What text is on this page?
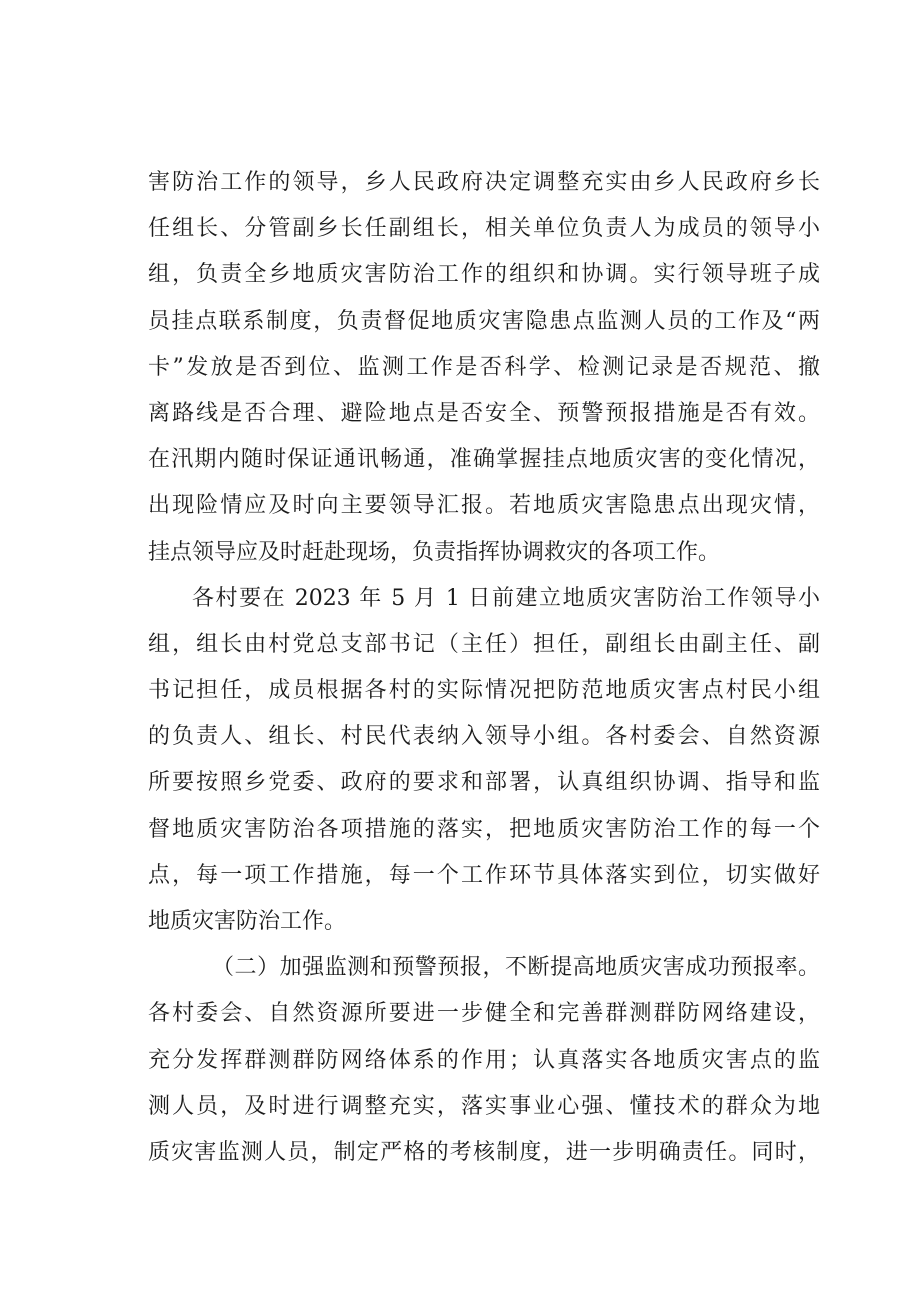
害防治工作的领导，乡人民政府决定调整充实由乡人民政府乡长
任组长、分管副乡长任副组长，相关单位负责人为成员的领导小
组，负责全乡地质灾害防治工作的组织和协调。实行领导班子成
员挂点联系制度，负责督促地质灾害隐患点监测人员的工作及“两
卡”发放是否到位、监测工作是否科学、检测记录是否规范、撤
离路线是否合理、避险地点是否安全、预警预报措施是否有效。
在汛期内随时保证通讯畅通，准确掌握挂点地质灾害的变化情况，
出现险情应及时向主要领导汇报。若地质灾害隐患点出现灾情，
挂点领导应及时赶赴现场，负责指挥协调救灾的各项工作。
各村要在 2023 年 5 月 1 日前建立地质灾害防治工作领导小
组，组长由村党总支部书记（主任）担任，副组长由副主任、副
书记担任，成员根据各村的实际情况把防范地质灾害点村民小组
的负责人、组长、村民代表纳入领导小组。各村委会、自然资源
所要按照乡党委、政府的要求和部署，认真组织协调、指导和监
督地质灾害防治各项措施的落实，把地质灾害防治工作的每一个
点，每一项工作措施，每一个工作环节具体落实到位，切实做好
地质灾害防治工作。
（二）加强监测和预警预报，不断提高地质灾害成功预报率。
各村委会、自然资源所要进一步健全和完善群测群防网络建设，
充分发挥群测群防网络体系的作用；认真落实各地质灾害点的监
测人员，及时进行调整充实，落实事业心强、懂技术的群众为地
质灾害监测人员，制定严格的考核制度，进一步明确责任。同时，
